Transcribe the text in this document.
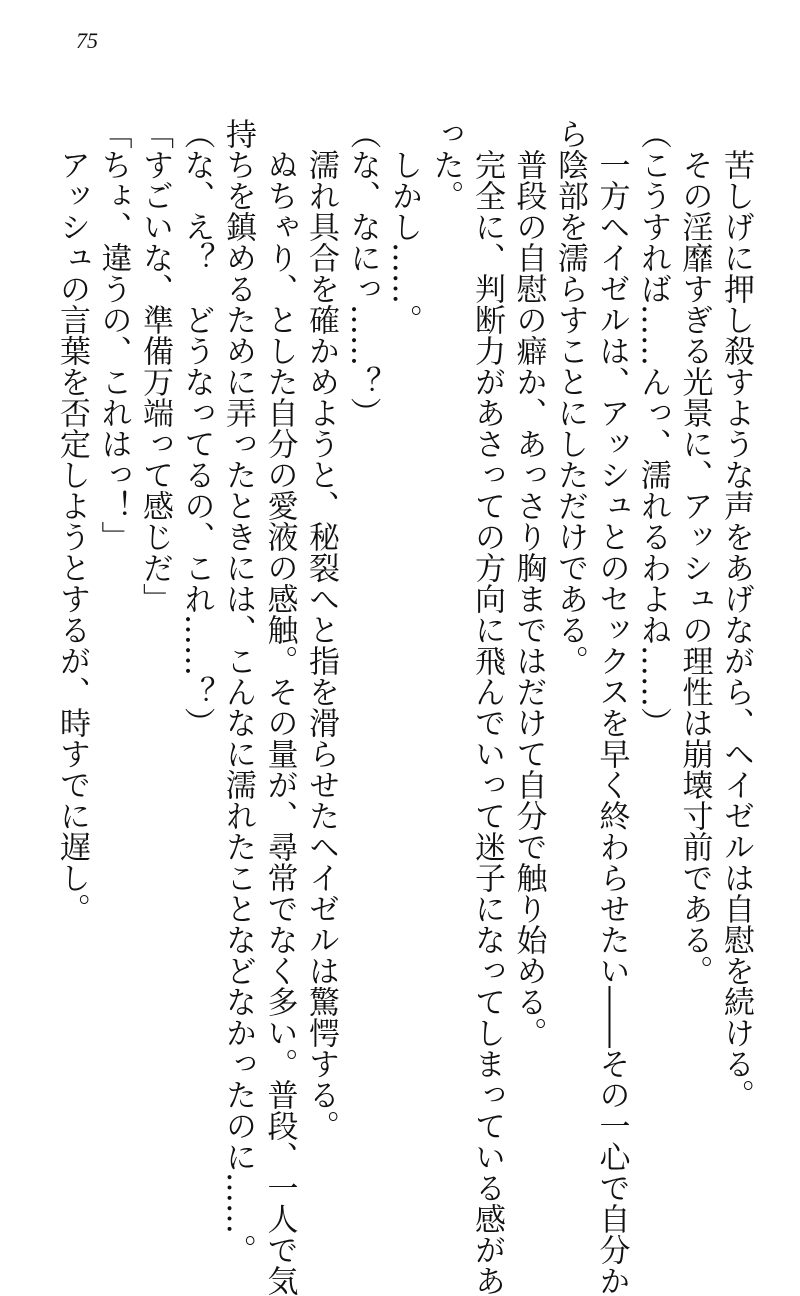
75
　苦しげに押し殺すような声をあげながら、ヘイゼルは自慰を続ける。
　その淫靡すぎる光景に、アッシュの理性は崩壊寸前である。
（こうすれば……んっ、濡れるわよね……）
　一方ヘイゼルは、アッシュとのセックスを早く終わらせたい――その一心で自分か
ら陰部を濡らすことにしただけである。
　普段の自慰の癖か、あっさり胸まではだけて自分で触り始める。
　完全に、判断力があさっての方向に飛んでいって迷子になってしまっている感があ
った。
　しかし……。
（な、なにっ……？）
　濡れ具合を確かめようと、秘裂へと指を滑らせたヘイゼルは驚愕する。
　ぬちゃり、とした自分の愛液の感触。その量が、尋常でなく多い。普段、一人で気
持ちを鎮めるために弄ったときには、こんなに濡れたことなどなかったのに……。
（な、え？　どうなってるの、これ……？）
「すごいな、準備万端って感じだ」
「ちょ、違うの、これはっ！」
　アッシュの言葉を否定しようとするが、時すでに遅し。
